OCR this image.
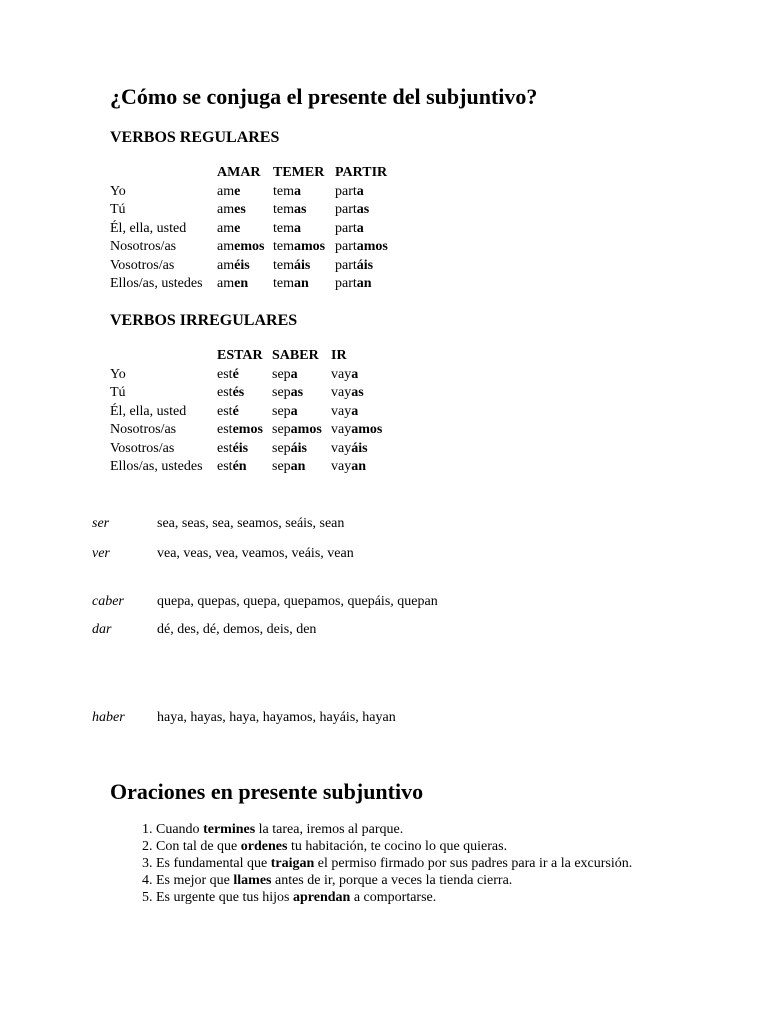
¿Cómo se conjuga el presente del subjuntivo?
VERBOS REGULARES
	AMAR	TEMER	PARTIR
Yo	ame	tema	parta
Tú	ames	temas	partas
Él, ella, usted	ame	tema	parta
Nosotros/as	amemos	temamos	partamos
Vosotros/as	améis	temáis	partáis
Ellos/as, ustedes	amen	teman	partan
VERBOS IRREGULARES
	ESTAR	SABER	IR
Yo	esté	sepa	vaya
Tú	estés	sepas	vayas
Él, ella, usted	esté	sepa	vaya
Nosotros/as	estemos	sepamos	vayamos
Vosotros/as	estéis	sepáis	vayáis
Ellos/as, ustedes	estén	sepan	vayan
ser	sea, seas, sea, seamos, seáis, sean
ver	vea, veas, vea, veamos, veáis, vean
caber quepa, quepas, quepa, quepamos, quepáis, quepan
dar	dé, des, dé, demos, deis, den
haber haya, hayas, haya, hayamos, hayáis, hayan
Oraciones en presente subjuntivo
1. Cuando termines la tarea, iremos al parque.
2. Con tal de que ordenes tu habitación, te cocino lo que quieras.
3. Es fundamental que traigan el permiso firmado por sus padres para ir a la excursión.
4. Es mejor que llames antes de ir, porque a veces la tienda cierra.
5. Es urgente que tus hijos aprendan a comportarse.
